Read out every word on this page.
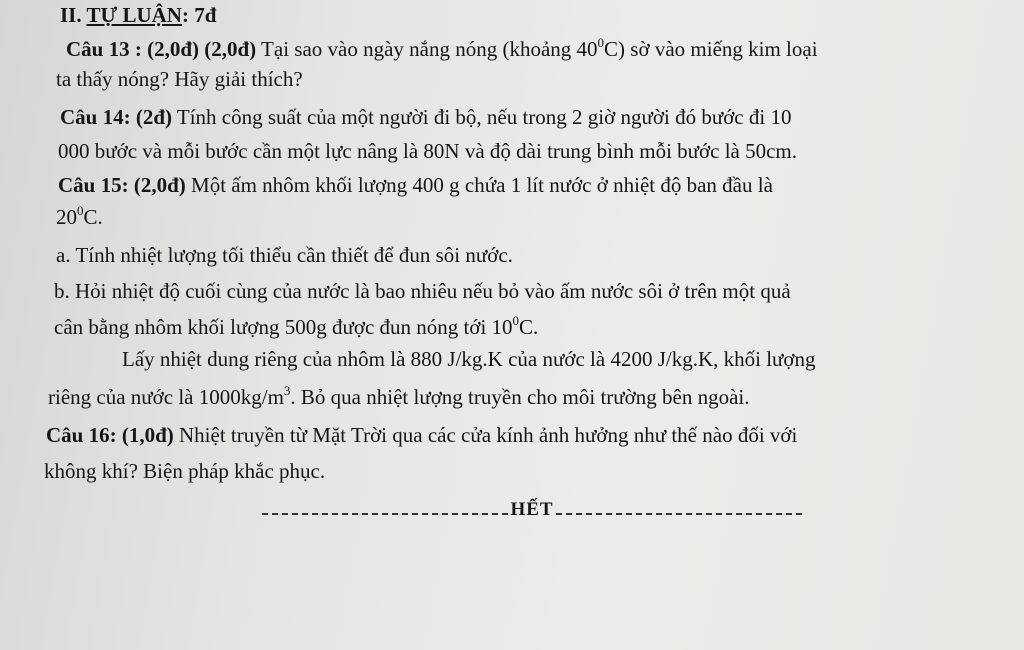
II. TỰ LUẬN: 7đ
Câu 13 : (2,0đ) (2,0đ) Tại sao vào ngày nắng nóng (khoảng $40^0C$) sờ vào miếng kim loại
ta thấy nóng? Hãy giải thích?
Câu 14: (2đ) Tính công suất của một người đi bộ, nếu trong 2 giờ người đó bước đi 10
000 bước và mỗi bước cần một lực nâng là 80N và độ dài trung bình mỗi bước là 50cm.
Câu 15: (2,0đ) Một ấm nhôm khối lượng 400 g chứa 1 lít nước ở nhiệt độ ban đầu là
$20^0C$.
a. Tính nhiệt lượng tối thiểu cần thiết để đun sôi nước.
b. Hỏi nhiệt độ cuối cùng của nước là bao nhiêu nếu bỏ vào ấm nước sôi ở trên một quả
cân bằng nhôm khối lượng 500g được đun nóng tới $10^0C$.
Lấy nhiệt dung riêng của nhôm là 880 J/kg.K của nước là 4200 J/kg.K, khối lượng
riêng của nước là $1000kg/m^3$. Bỏ qua nhiệt lượng truyền cho môi trường bên ngoài.
Câu 16: (1,0đ) Nhiệt truyền từ Mặt Trời qua các cửa kính ảnh hưởng như thế nào đối với
không khí? Biện pháp khắc phục.
HẾT
